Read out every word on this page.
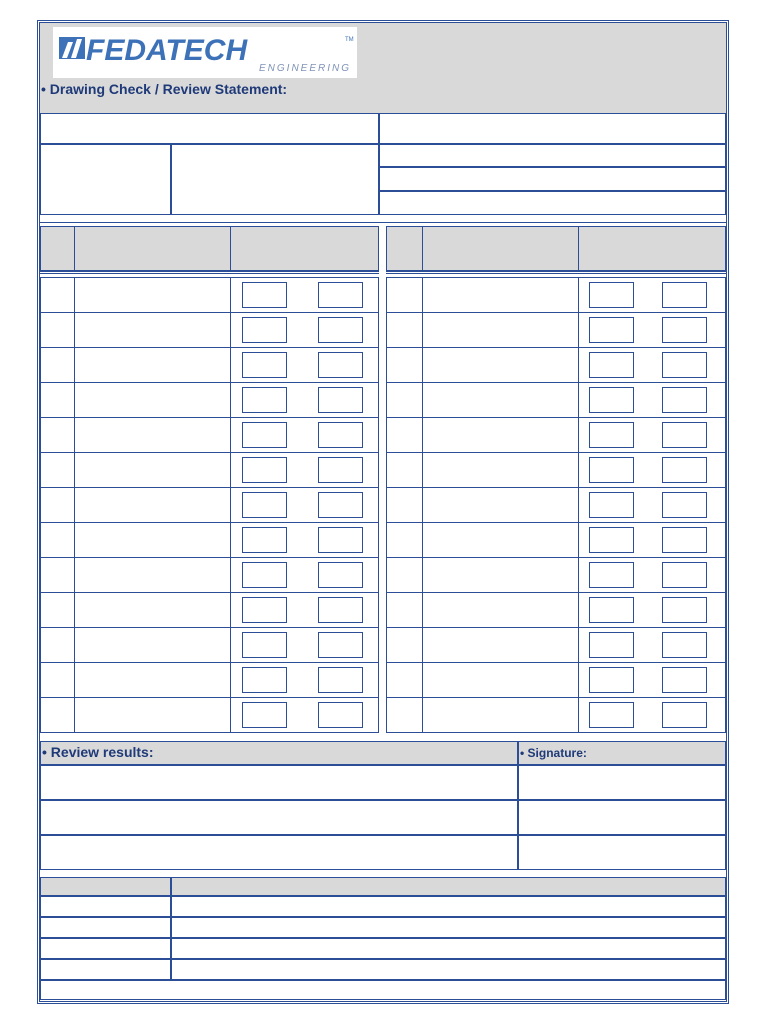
FEDATECH	TM
ENGINEERING
• Drawing Check / Review Statement:
• Review results:	• Signature:
